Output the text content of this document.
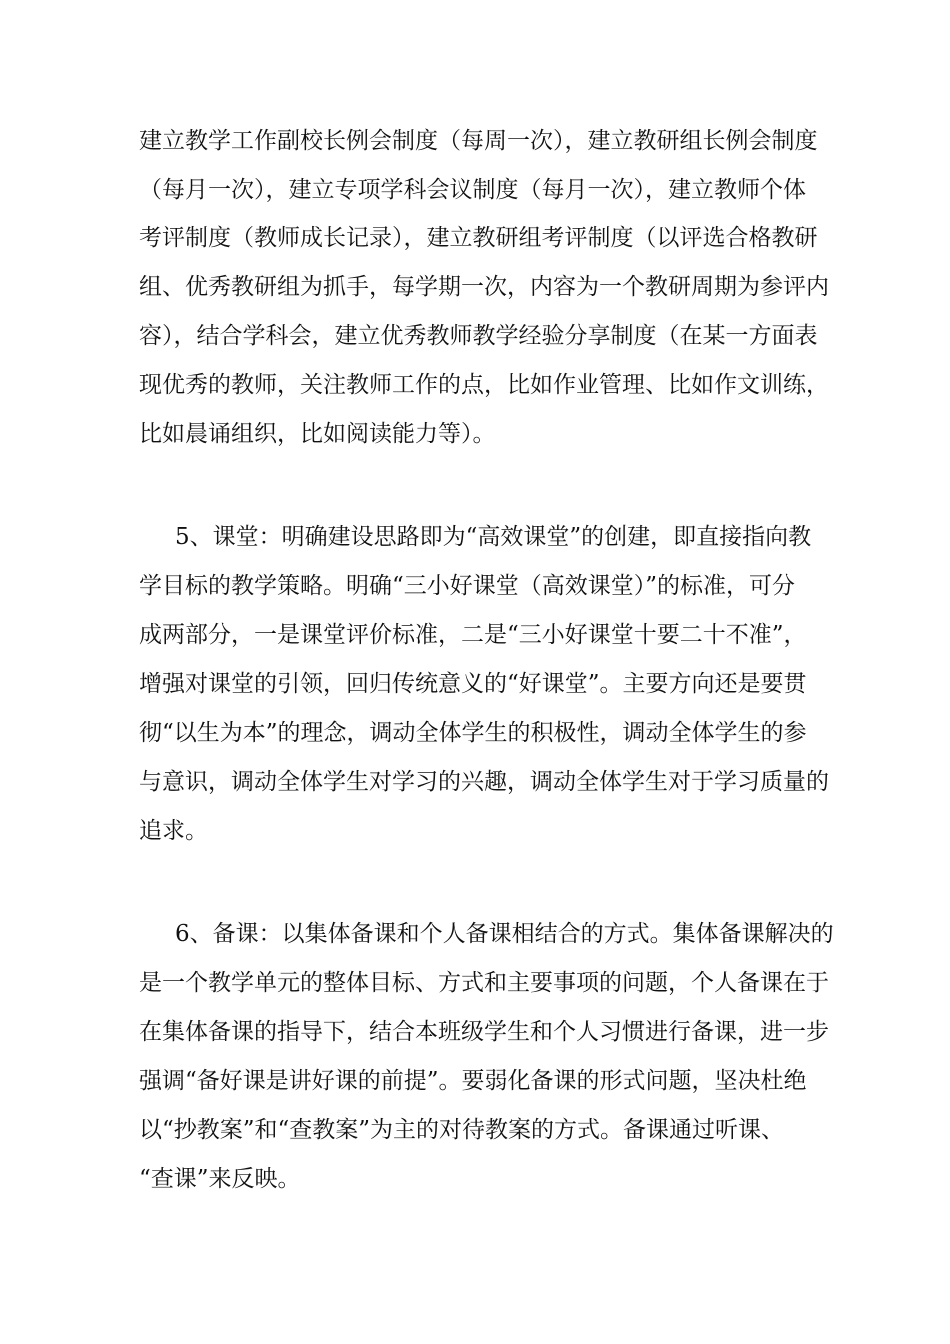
建立教学工作副校长例会制度（每周一次），建立教研组长例会制度
（每月一次），建立专项学科会议制度（每月一次），建立教师个体
考评制度（教师成长记录），建立教研组考评制度（以评选合格教研
组、优秀教研组为抓手，每学期一次，内容为一个教研周期为参评内
容），结合学科会，建立优秀教师教学经验分享制度（在某一方面表
现优秀的教师，关注教师工作的点，比如作业管理、比如作文训练，
比如晨诵组织，比如阅读能力等）。
5、课堂：明确建设思路即为“高效课堂”的创建，即直接指向教
学目标的教学策略。明确“三小好课堂（高效课堂）”的标准，可分
成两部分，一是课堂评价标准，二是“三小好课堂十要二十不准”，
增强对课堂的引领，回归传统意义的“好课堂”。主要方向还是要贯
彻“以生为本”的理念，调动全体学生的积极性，调动全体学生的参
与意识，调动全体学生对学习的兴趣，调动全体学生对于学习质量的
追求。
6、备课：以集体备课和个人备课相结合的方式。集体备课解决的
是一个教学单元的整体目标、方式和主要事项的问题，个人备课在于
在集体备课的指导下，结合本班级学生和个人习惯进行备课，进一步
强调“备好课是讲好课的前提”。要弱化备课的形式问题，坚决杜绝
以“抄教案”和“查教案”为主的对待教案的方式。备课通过听课、
“查课”来反映。
